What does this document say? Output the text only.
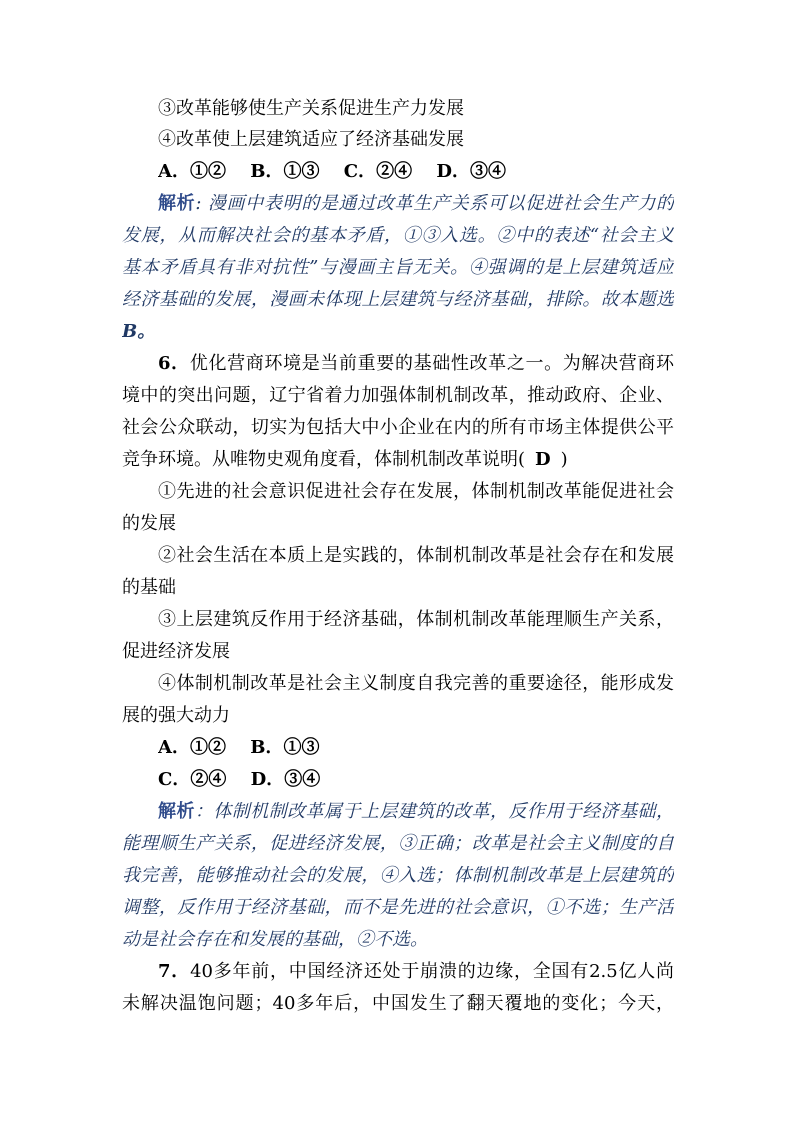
③改革能够使生产关系促进生产力发展
④改革使上层建筑适应了经济基础发展
A．①② B．①③ C．②④ D．③④
解析: 漫画中表明的是通过改革生产关系可以促进社会生产力的
发展，从而解决社会的基本矛盾，①③入选。②中的表述“社会主义
基本矛盾具有非对抗性”与漫画主旨无关。④强调的是上层建筑适应
经济基础的发展，漫画未体现上层建筑与经济基础，排除。故本题选
B。
6．优化营商环境是当前重要的基础性改革之一。为解决营商环
境中的突出问题，辽宁省着力加强体制机制改革，推动政府、企业、
社会公众联动，切实为包括大中小企业在内的所有市场主体提供公平
竞争环境。从唯物史观角度看，体制机制改革说明( D )
①先进的社会意识促进社会存在发展，体制机制改革能促进社会
的发展
②社会生活在本质上是实践的，体制机制改革是社会存在和发展
的基础
③上层建筑反作用于经济基础，体制机制改革能理顺生产关系，
促进经济发展
④体制机制改革是社会主义制度自我完善的重要途径，能形成发
展的强大动力
A．①② B．①③
C．②④ D．③④
解析：体制机制改革属于上层建筑的改革，反作用于经济基础，
能理顺生产关系，促进经济发展，③正确；改革是社会主义制度的自
我完善，能够推动社会的发展，④入选；体制机制改革是上层建筑的
调整，反作用于经济基础，而不是先进的社会意识，①不选；生产活
动是社会存在和发展的基础，②不选。
7．40多年前，中国经济还处于崩溃的边缘，全国有2.5亿人尚
未解决温饱问题；40多年后，中国发生了翻天覆地的变化；今天，
